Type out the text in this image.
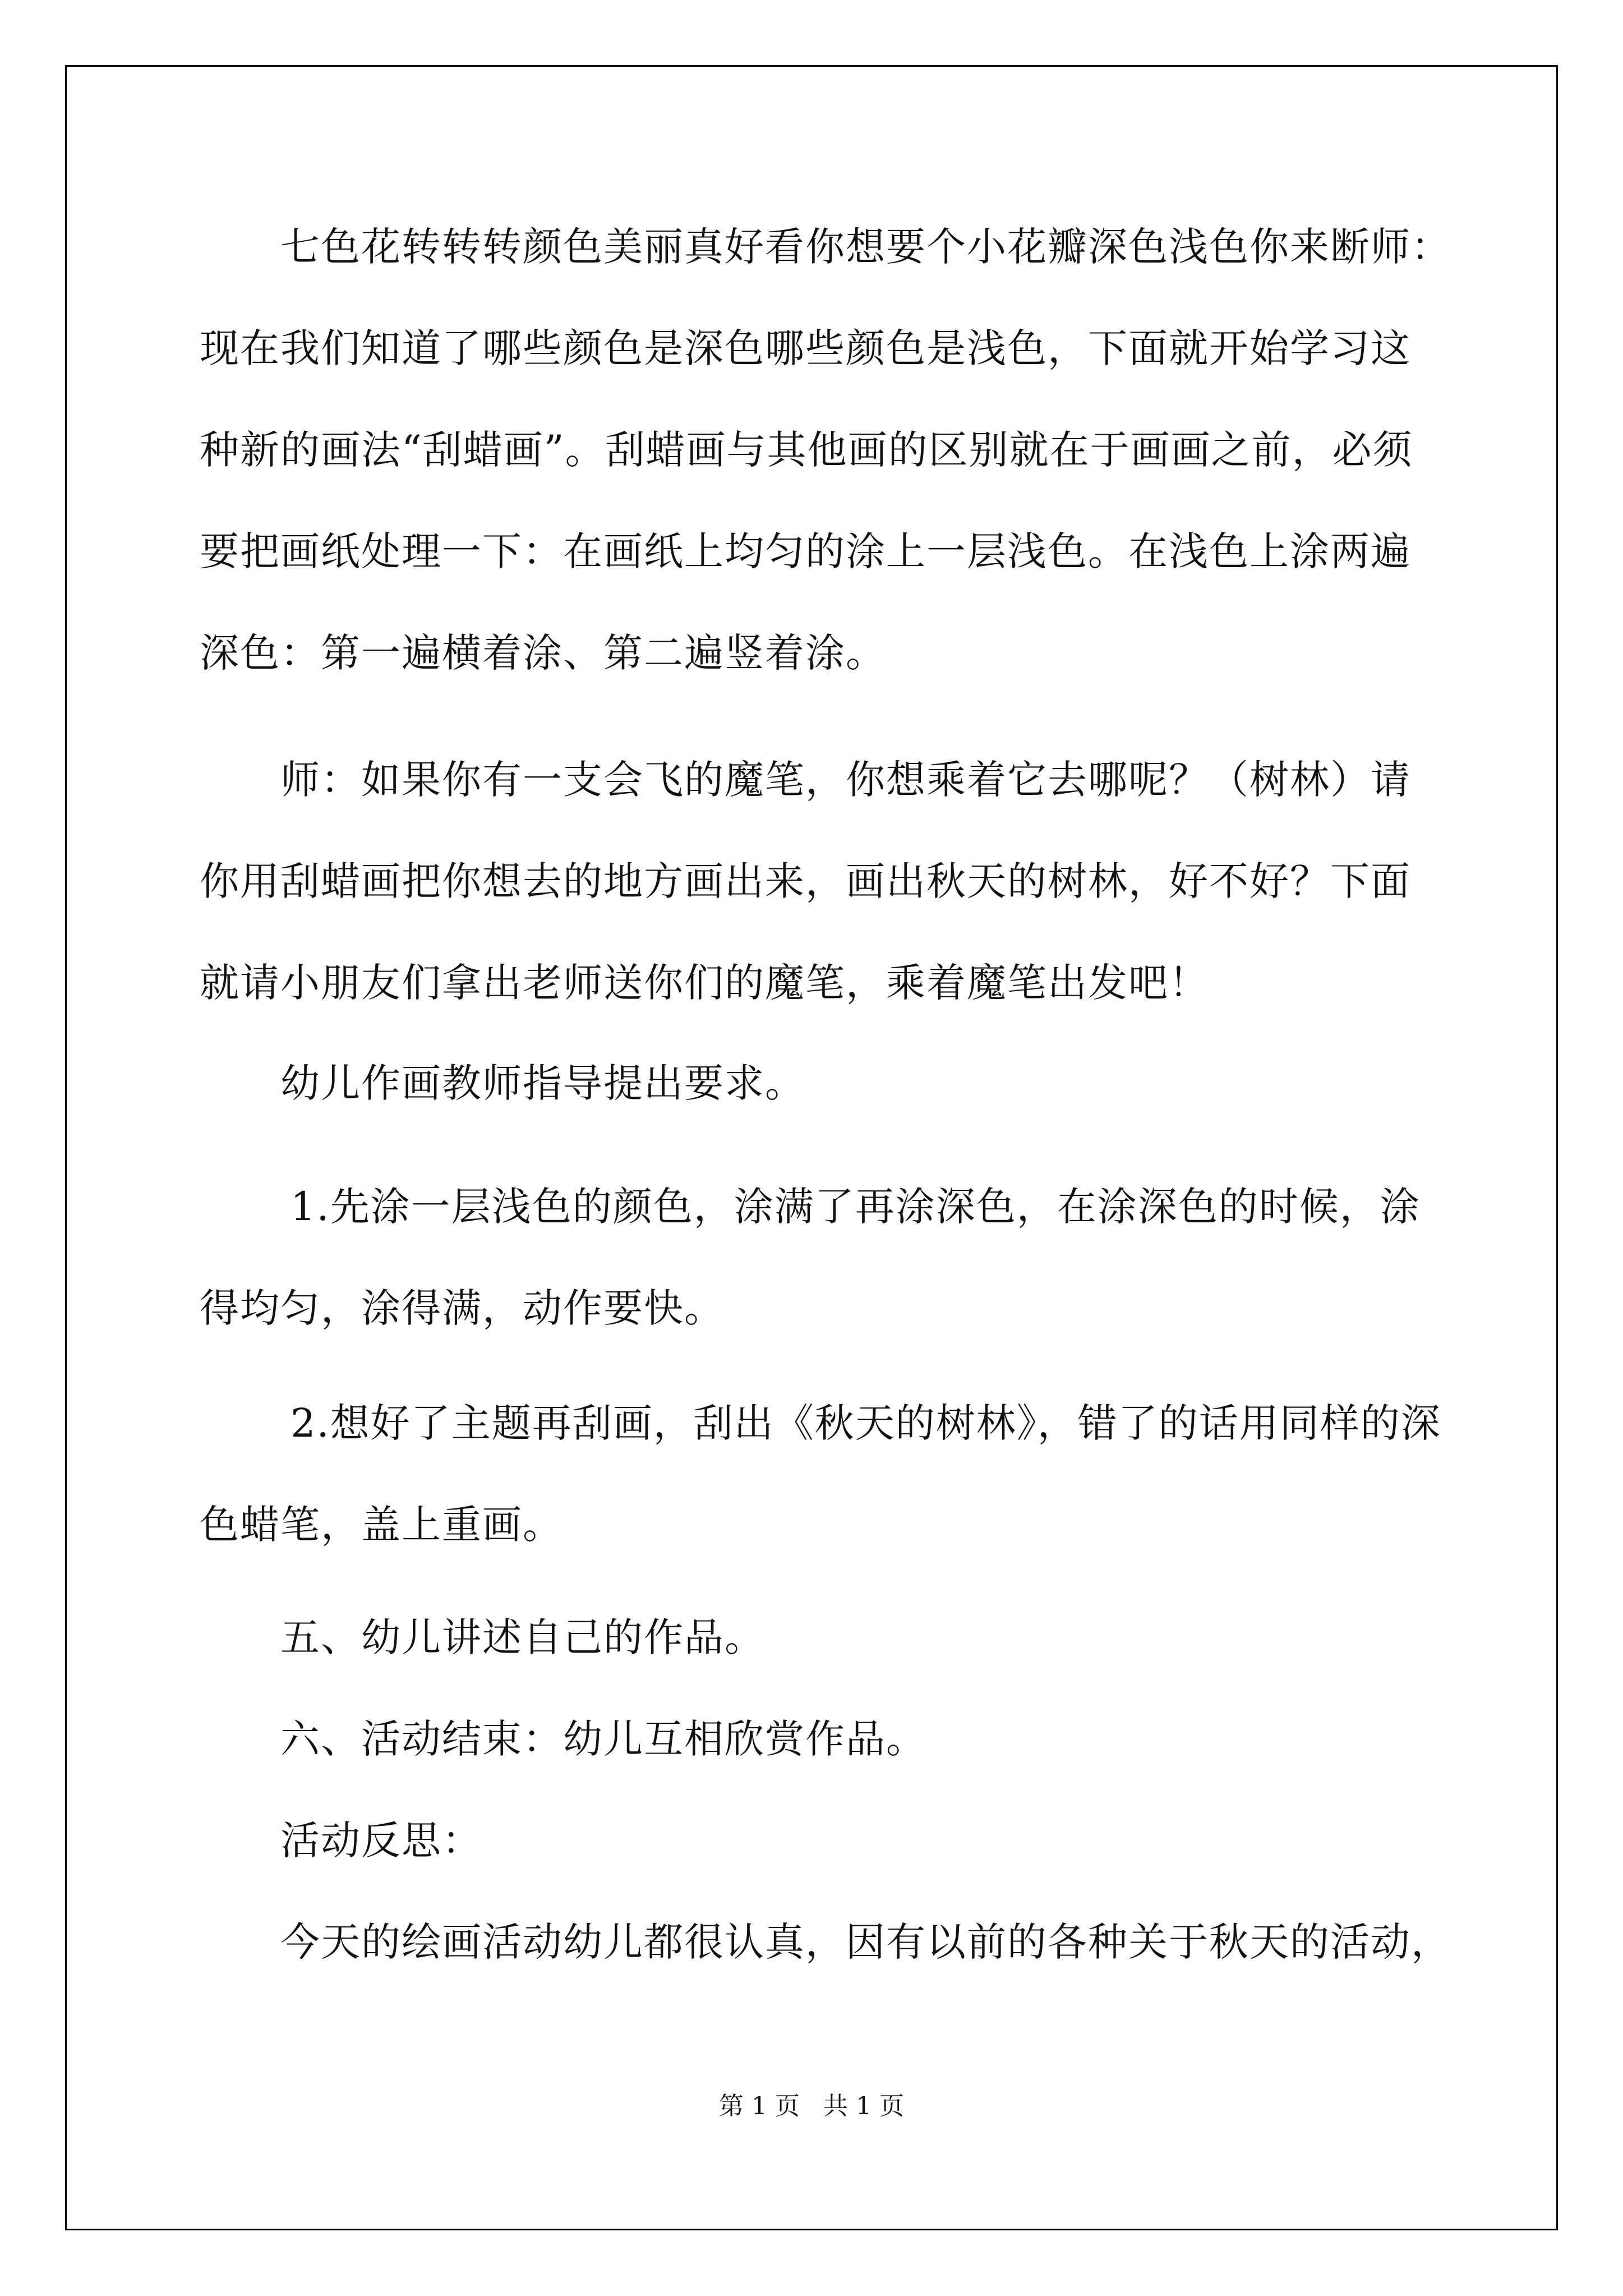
七色花转转转颜色美丽真好看你想要个小花瓣深色浅色你来断师：
现在我们知道了哪些颜色是深色哪些颜色是浅色，下面就开始学习这
种新的画法“刮蜡画”。刮蜡画与其他画的区别就在于画画之前，必须
要把画纸处理一下：在画纸上均匀的涂上一层浅色。在浅色上涂两遍
深色：第一遍横着涂、第二遍竖着涂。
师：如果你有一支会飞的魔笔，你想乘着它去哪呢？（树林）请
你用刮蜡画把你想去的地方画出来，画出秋天的树林，好不好？下面
就请小朋友们拿出老师送你们的魔笔，乘着魔笔出发吧！
幼儿作画教师指导提出要求。
1.先涂一层浅色的颜色，涂满了再涂深色，在涂深色的时候，涂
得均匀，涂得满，动作要快。
2.想好了主题再刮画，刮出《秋天的树林》，错了的话用同样的深
色蜡笔，盖上重画。
五、幼儿讲述自己的作品。
六、活动结束：幼儿互相欣赏作品。
活动反思：
今天的绘画活动幼儿都很认真，因有以前的各种关于秋天的活动，
第 1 页   共 1 页
